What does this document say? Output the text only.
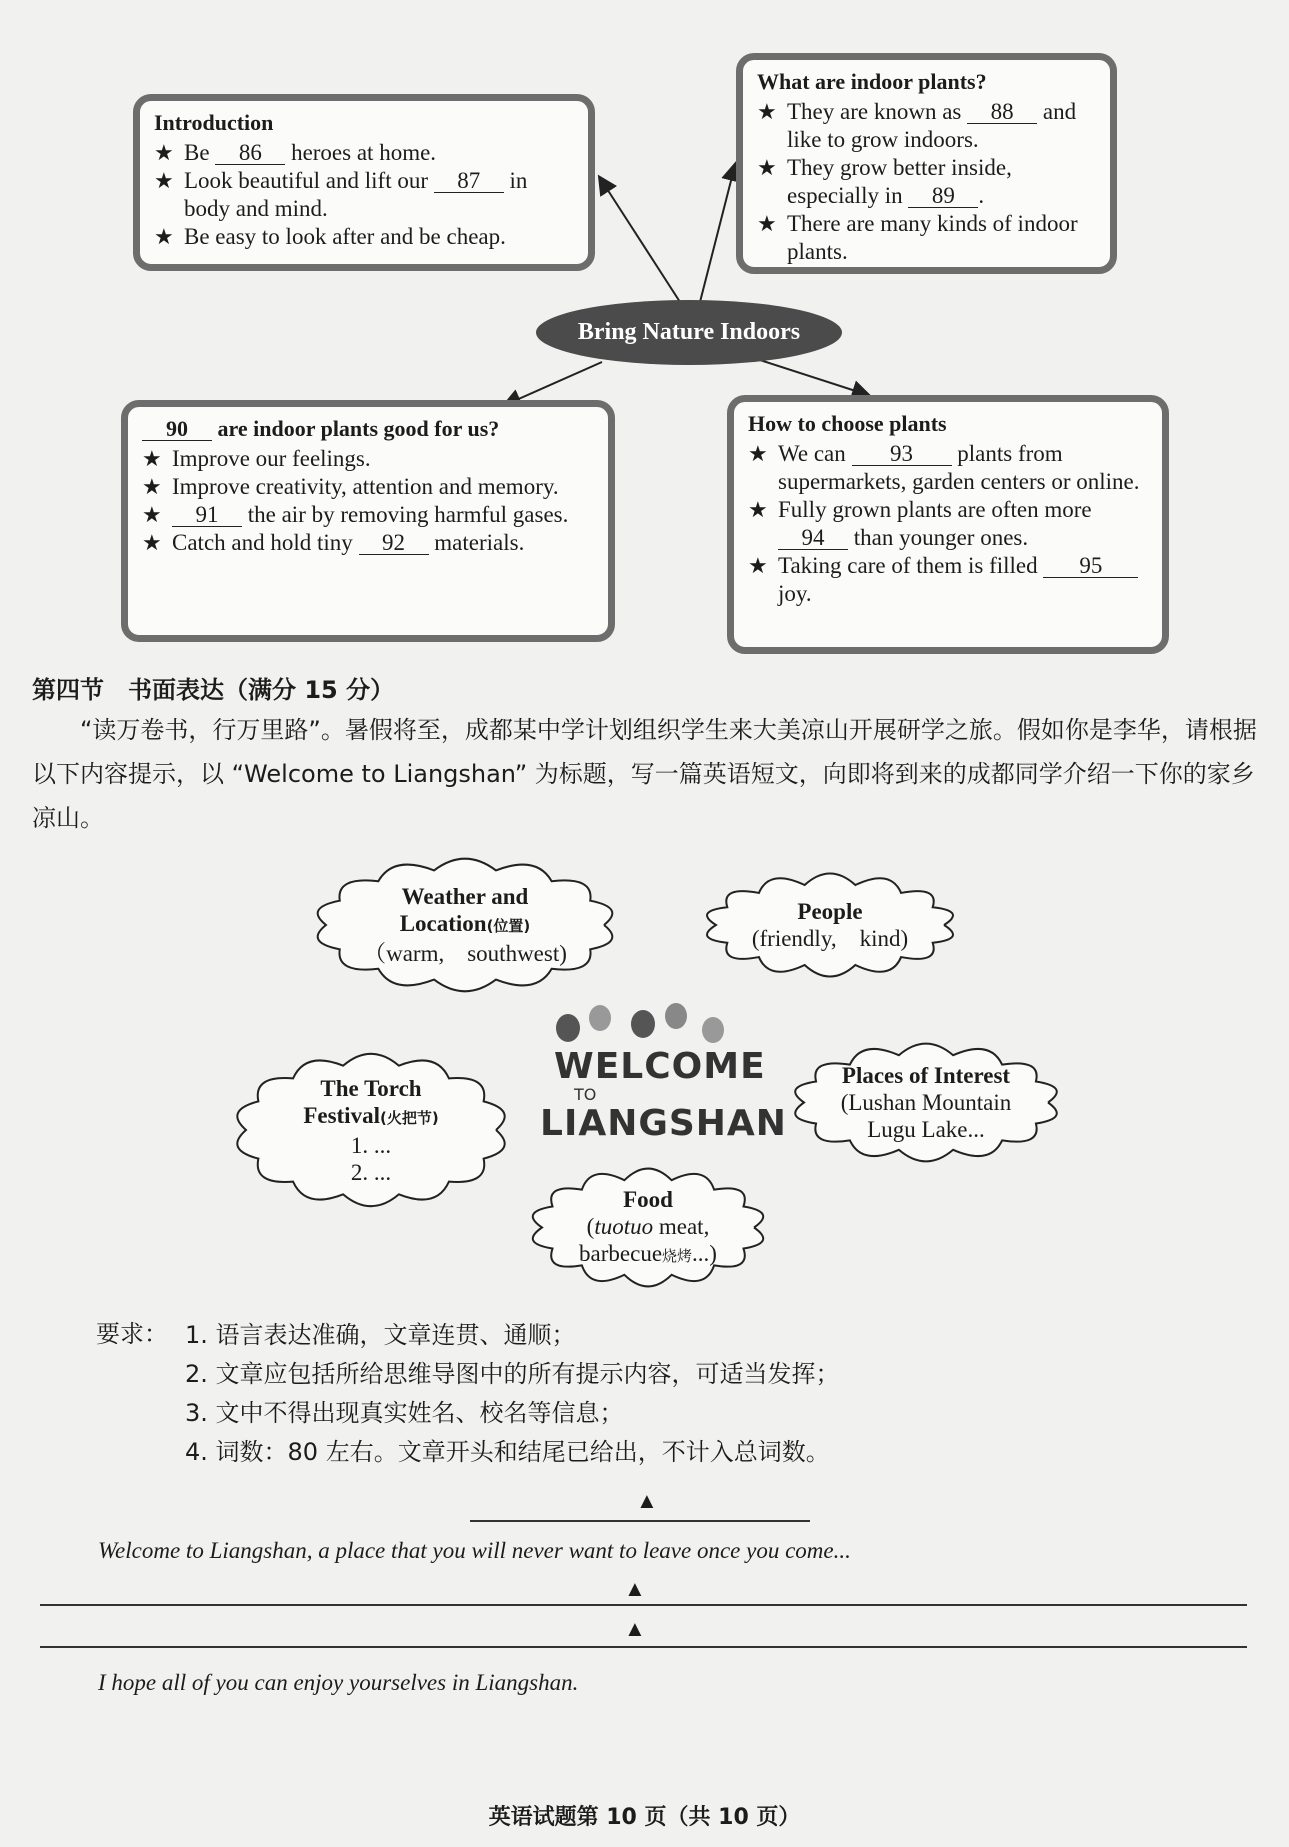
Introduction
★ Be 86 heroes at home.
★ Look beautiful and lift our 87 in body and mind.
★ Be easy to look after and be cheap.
What are indoor plants?
★ They are known as 88 and like to grow indoors.
★ They grow better inside, especially in 89 .
★ There are many kinds of indoor plants.
Bring Nature Indoors
90 are indoor plants good for us?
★ Improve our feelings.
★ Improve creativity, attention and memory.
★	91 the air by removing harmful gases.
★ Catch and hold tiny 92 materials.
How to choose plants
★ We can 93 plants from supermarkets, garden centers or online.
★ Fully grown plants are often more 94 than younger ones.
★ Taking care of them is filled 95 joy.
第四节　书面表达（满分 15 分）
“读万卷书，行万里路”。暑假将至，成都某中学计划组织学生来大美凉山开展研学之旅。假如你是李华，请根据以下内容提示，以 “Welcome to Liangshan” 为标题，写一篇英语短文，向即将到来的成都同学介绍一下你的家乡凉山。
Weather and
Location(位置)
（warm,　southwest)
People
(friendly,　kind)
The Torch
Festival(火把节)
1. ...
2. ...
Places of Interest
(Lushan Mountain
Lugu Lake...
Food
(tuotuo meat,
barbecue烧烤...)
WELCOME
TO
LIANGSHAN
要求： 1. 语言表达准确，文章连贯、通顺；
2. 文章应包括所给思维导图中的所有提示内容，可适当发挥；
3. 文中不得出现真实姓名、校名等信息；
4. 词数：80 左右。文章开头和结尾已给出，不计入总词数。
▲
Welcome to Liangshan, a place that you will never want to leave once you come...
▲
▲
I hope all of you can enjoy yourselves in Liangshan.
英语试题第 10 页（共 10 页）
